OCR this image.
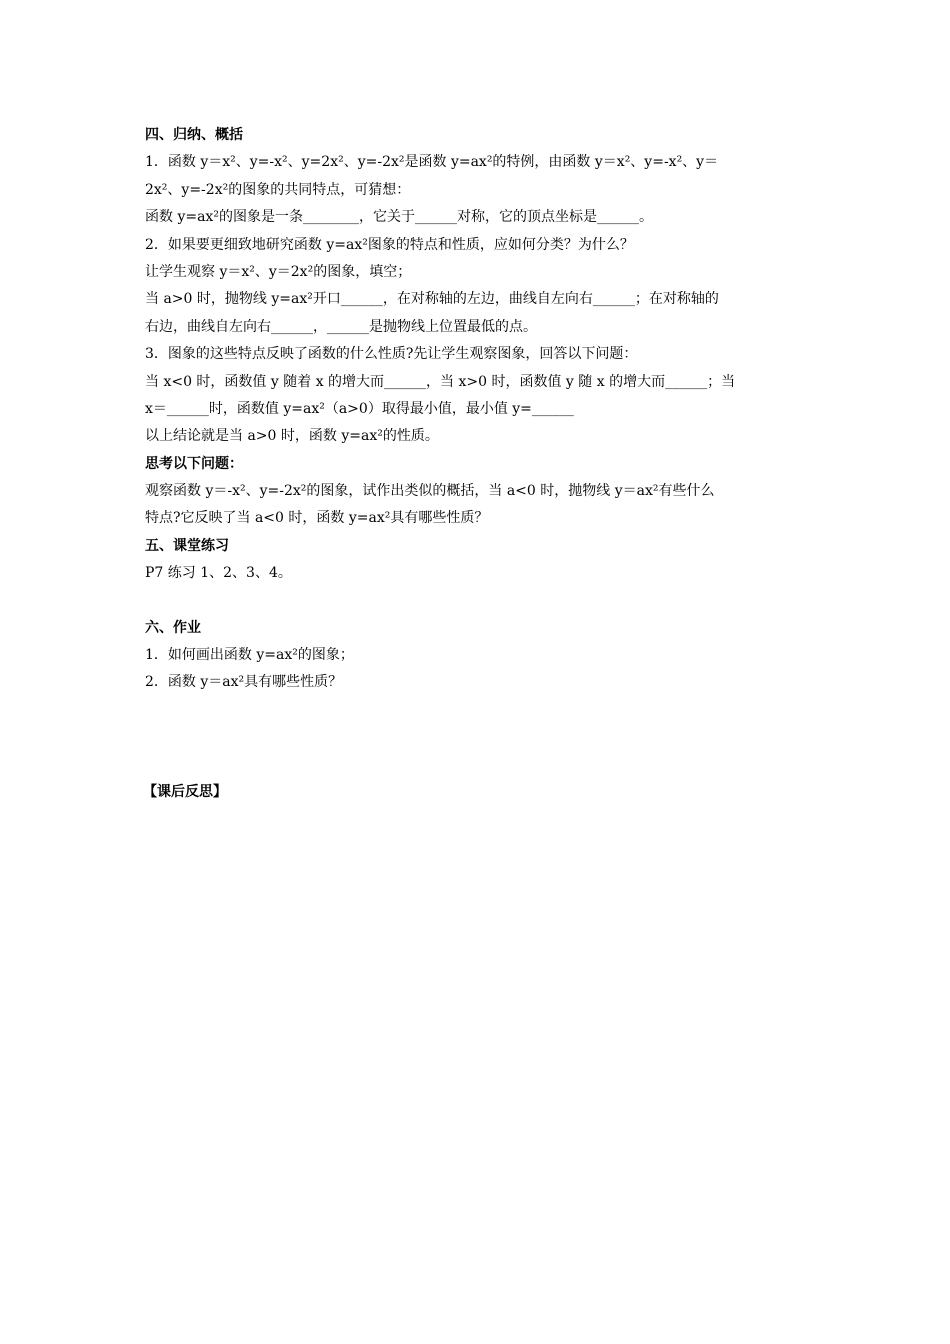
四、归纳、概括
1．函数 y＝x²、y=-x²、y=2x²、y=-2x²是函数 y=ax²的特例，由函数 y＝x²、y=-x²、y＝
2x²、y=-2x²的图象的共同特点，可猜想：
函数 y=ax²的图象是一条________，它关于______对称，它的顶点坐标是______。
2．如果要更细致地研究函数 y=ax²图象的特点和性质，应如何分类？为什么？
让学生观察 y＝x²、y＝2x²的图象，填空；
当 a>0 时，抛物线 y=ax²开口______，在对称轴的左边，曲线自左向右______；在对称轴的
右边，曲线自左向右______，______是抛物线上位置最低的点。
3．图象的这些特点反映了函数的什么性质?先让学生观察图象，回答以下问题：
当 x<0 时，函数值 y 随着 x 的增大而______，当 x>0 时，函数值 y 随 x 的增大而______；当
x＝______时，函数值 y=ax²（a>0）取得最小值，最小值 y=______
以上结论就是当 a>0 时，函数 y=ax²的性质。
思考以下问题：
观察函数 y＝-x²、y=-2x²的图象，试作出类似的概括，当 a<0 时，抛物线 y＝ax²有些什么
特点?它反映了当 a<0 时，函数 y=ax²具有哪些性质？
五、课堂练习
P7 练习 1、2、3、4。
六、作业
1．如何画出函数 y=ax²的图象；
2．函数 y＝ax²具有哪些性质？
【课后反思】
